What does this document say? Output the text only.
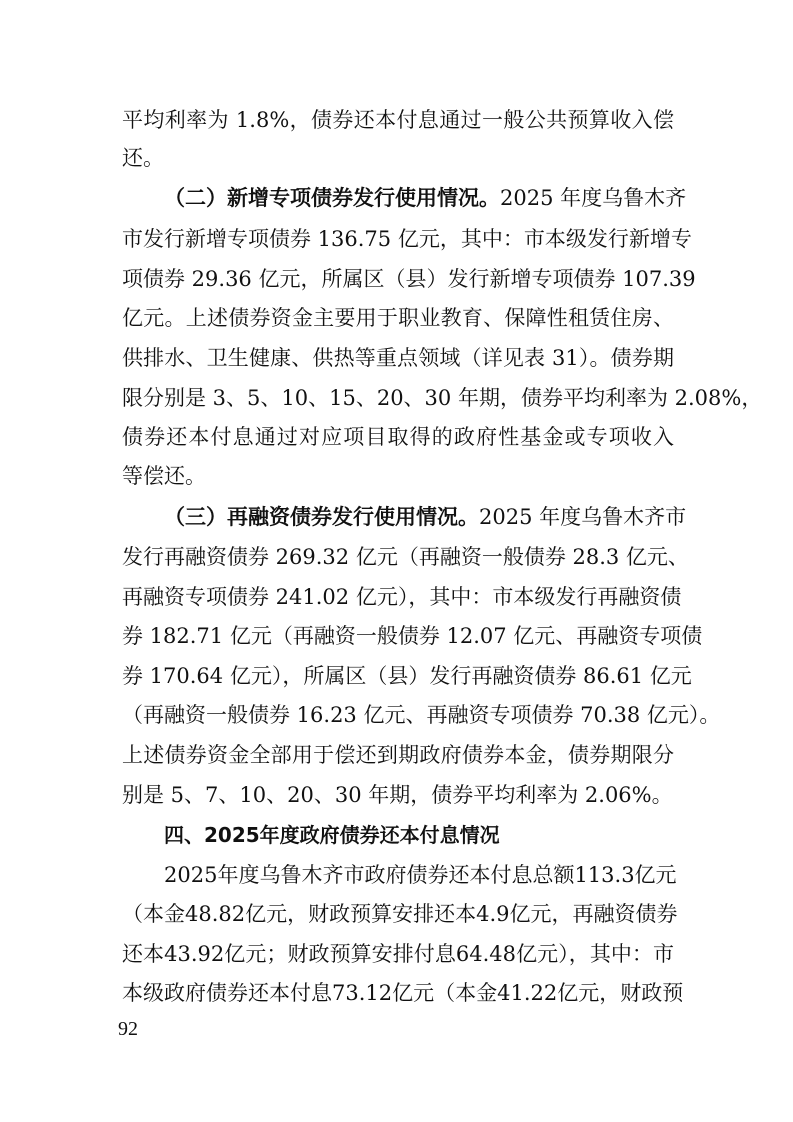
平均利率为 1.8%，债券还本付息通过一般公共预算收入偿
还。
（二）新增专项债券发行使用情况。2025 年度乌鲁木齐
市发行新增专项债券 136.75 亿元，其中：市本级发行新增专
项债券 29.36 亿元，所属区（县）发行新增专项债券 107.39
亿元。上述债券资金主要用于职业教育、保障性租赁住房、
供排水、卫生健康、供热等重点领域（详见表 31）。债券期
限分别是 3、5、10、15、20、30 年期，债券平均利率为 2.08%，
债券还本付息通过对应项目取得的政府性基金或专项收入
等偿还。
（三）再融资债券发行使用情况。2025 年度乌鲁木齐市
发行再融资债券 269.32 亿元（再融资一般债券 28.3 亿元、
再融资专项债券 241.02 亿元），其中：市本级发行再融资债
券 182.71 亿元（再融资一般债券 12.07 亿元、再融资专项债
券 170.64 亿元），所属区（县）发行再融资债券 86.61 亿元
（再融资一般债券 16.23 亿元、再融资专项债券 70.38 亿元）。
上述债券资金全部用于偿还到期政府债券本金，债券期限分
别是 5、7、10、20、30 年期，债券平均利率为 2.06%。
四、2025年度政府债券还本付息情况
2025年度乌鲁木齐市政府债券还本付息总额113.3亿元
（本金48.82亿元，财政预算安排还本4.9亿元，再融资债券
还本43.92亿元；财政预算安排付息64.48亿元），其中：市
本级政府债券还本付息73.12亿元（本金41.22亿元，财政预
92
